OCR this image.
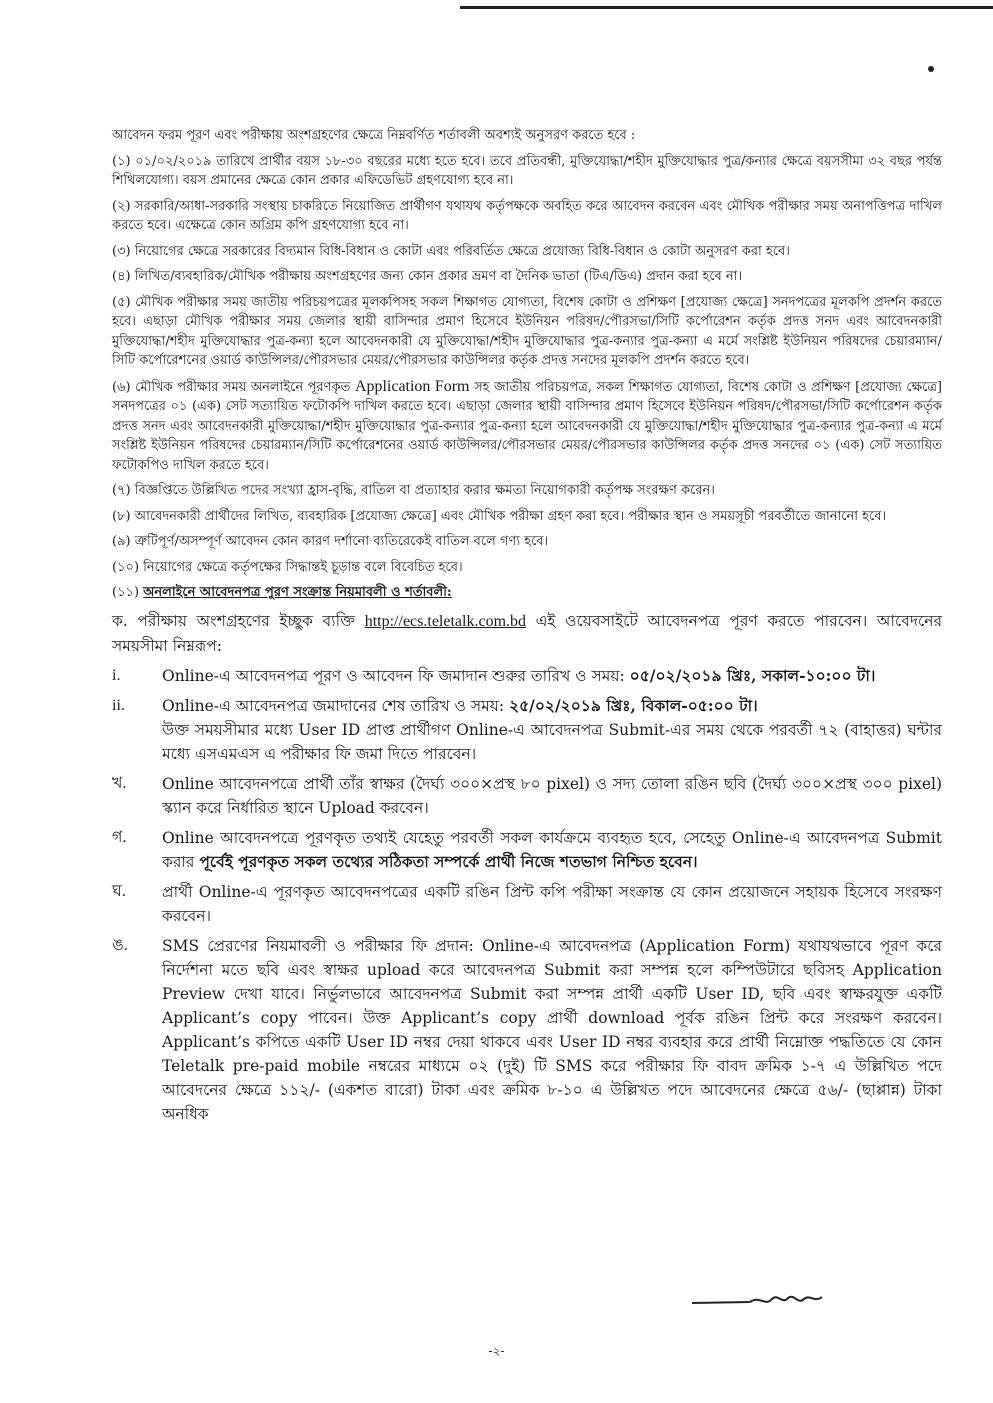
আবেদন ফরম পূরণ এবং পরীক্ষায় অংশগ্রহণের ক্ষেত্রে নিম্নবর্ণিত শর্তাবলী অবশ্যই অনুসরণ করতে হবে :

(১) ০১/০২/২০১৯ তারিখে প্রার্থীর বয়স ১৮-৩০ বছরের মধ্যে হতে হবে। তবে প্রতিবন্ধী, মুক্তিযোদ্ধা/শহীদ মুক্তিযোদ্ধার পুত্র/কন্যার ক্ষেত্রে বয়সসীমা ৩২ বছর পর্যন্ত শিথিলযোগ্য। বয়স প্রমানের ক্ষেত্রে কোন প্রকার এফিডেভিট গ্রহণযোগ্য হবে না।

(২) সরকারি/আধা-সরকারি সংস্থায় চাকরিতে নিয়োজিত প্রার্থীগণ যথাযথ কর্তৃপক্ষকে অবহিত করে আবেদন করবেন এবং মৌখিক পরীক্ষার সময় অনাপত্তিপত্র দাখিল করতে হবে। এক্ষেত্রে কোন অগ্রিম কপি গ্রহণযোগ্য হবে না।

(৩) নিয়োগের ক্ষেত্রে সরকারের বিদ্যমান বিধি-বিধান ও কোটা এবং পরিবর্তিত ক্ষেত্রে প্রযোজ্য বিধি-বিধান ও কোটা অনুসরণ করা হবে।

(৪) লিখিত/ব্যবহারিক/মৌখিক পরীক্ষায় অংশগ্রহণের জন্য কোন প্রকার ভ্রমণ বা দৈনিক ভাতা (টিএ/ডিএ) প্রদান করা হবে না।

(৫) মৌখিক পরীক্ষার সময় জাতীয় পরিচয়পত্রের মূলকপিসহ সকল শিক্ষাগত যোগ্যতা, বিশেষ কোটা ও প্রশিক্ষণ [প্রযোজ্য ক্ষেত্রে] সনদপত্রের মূলকপি প্রদর্শন করতে হবে। এছাড়া মৌখিক পরীক্ষার সময় জেলার স্থায়ী বাসিন্দার প্রমাণ হিসেবে ইউনিয়ন পরিষদ/পৌরসভা/সিটি কর্পোরেশন কর্তৃক প্রদত্ত সনদ এবং আবেদনকারী মুক্তিযোদ্ধা/শহীদ মুক্তিযোদ্ধার পুত্র-কন্যা হলে আবেদনকারী যে মুক্তিযোদ্ধা/শহীদ মুক্তিযোদ্ধার পুত্র-কন্যার পুত্র-কন্যা এ মর্মে সংশ্লিষ্ট ইউনিয়ন পরিষদের চেয়ারম্যান/সিটি কর্পোরেশনের ওয়ার্ড কাউন্সিলর/পৌরসভার মেয়র/পৌরসভার কাউন্সিলর কর্তৃক প্রদত্ত সনদের মূলকপি প্রদর্শন করতে হবে।

(৬) মৌখিক পরীক্ষার সময় অনলাইনে পূরণকৃত Application Form সহ জাতীয় পরিচয়পত্র, সকল শিক্ষাগত যোগ্যতা, বিশেষ কোটা ও প্রশিক্ষণ [প্রযোজ্য ক্ষেত্রে] সনদপত্রের ০১ (এক) সেট সত্যায়িত ফটোকপি দাখিল করতে হবে। এছাড়া জেলার স্থায়ী বাসিন্দার প্রমাণ হিসেবে ইউনিয়ন পরিষদ/পৌরসভা/সিটি কর্পোরেশন কর্তৃক প্রদত্ত সনদ এবং আবেদনকারী মুক্তিযোদ্ধা/শহীদ মুক্তিযোদ্ধার পুত্র-কন্যার পুত্র-কন্যা হলে আবেদনকারী যে মুক্তিযোদ্ধা/শহীদ মুক্তিযোদ্ধার পুত্র-কন্যার পুত্র-কন্যা এ মর্মে সংশ্লিষ্ট ইউনিয়ন পরিষদের চেয়ারম্যান/সিটি কর্পোরেশনের ওয়ার্ড কাউন্সিলর/পৌরসভার মেয়র/পৌরসভার কাউন্সিলর কর্তৃক প্রদত্ত সনদের ০১ (এক) সেট সত্যায়িত ফটোকপিও দাখিল করতে হবে।

(৭) বিজ্ঞপ্তিতে উল্লিখিত পদের সংখ্যা হ্রাস-বৃদ্ধি, বাতিল বা প্রত্যাহার করার ক্ষমতা নিয়োগকারী কর্তৃপক্ষ সংরক্ষণ করেন।

(৮) আবেদনকারী প্রার্থীদের লিখিত, ব্যবহারিক [প্রযোজ্য ক্ষেত্রে] এবং মৌখিক পরীক্ষা গ্রহণ করা হবে। পরীক্ষার স্থান ও সময়সূচী পরবর্তীতে জানানো হবে।

(৯) ত্রুটিপূর্ণ/অসম্পূর্ণ আবেদন কোন কারণ দর্শানো ব্যতিরেকেই বাতিল বলে গণ্য হবে।

(১০) নিয়োগের ক্ষেত্রে কর্তৃপক্ষের সিদ্ধান্তই চূড়ান্ত বলে বিবেচিত হবে।

(১১) অনলাইনে আবেদনপত্র পুরণ সংক্রান্ত নিয়মাবলী ও শর্তাবলী:

ক. পরীক্ষায় অংশগ্রহণের ইচ্ছুক ব্যক্তি http://ecs.teletalk.com.bd এই ওয়েবসাইটে আবেদনপত্র পূরণ করতে পারবেন। আবেদনের সময়সীমা নিম্নরূপ:

i.	Online-এ আবেদনপত্র পূরণ ও আবেদন ফি জমাদান শুরুর তারিখ ও সময়: ০৫/০২/২০১৯ খ্রিঃ, সকাল-১০:০০ টা।
ii.	Online-এ আবেদনপত্র জমাদানের শেষ তারিখ ও সময়: ২৫/০২/২০১৯ খ্রিঃ, বিকাল-০৫:০০ টা।
উক্ত সময়সীমার মধ্যে User ID প্রাপ্ত প্রার্থীগণ Online-এ আবেদনপত্র Submit-এর সময় থেকে পরবর্তী ৭২ (বাহাত্তর) ঘন্টার মধ্যে এসএমএস এ পরীক্ষার ফি জমা দিতে পারবেন।
খ.	Online আবেদনপত্রে প্রার্থী তাঁর স্বাক্ষর (দৈর্ঘ্য ৩০০×প্রস্থ ৮০ pixel) ও সদ্য তোলা রঙিন ছবি (দৈর্ঘ্য ৩০০×প্রস্থ ৩০০ pixel) স্ক্যান করে নির্ধারিত স্থানে Upload করবেন।
গ.	Online আবেদনপত্রে পূরণকৃত তথ্যই যেহেতু পরবর্তী সকল কার্যক্রমে ব্যবহৃত হবে, সেহেতু Online-এ আবেদনপত্র Submit করার পূর্বেই পূরণকৃত সকল তথ্যের সঠিকতা সম্পর্কে প্রার্থী নিজে শতভাগ নিশ্চিত হবেন।
ঘ.	প্রার্থী Online-এ পূরণকৃত আবেদনপত্রের একটি রঙিন প্রিন্ট কপি পরীক্ষা সংক্রান্ত যে কোন প্রয়োজনে সহায়ক হিসেবে সংরক্ষণ করবেন।
ঙ.	SMS প্রেরণের নিয়মাবলী ও পরীক্ষার ফি প্রদান: Online-এ আবেদনপত্র (Application Form) যথাযথভাবে পূরণ করে নির্দেশনা মতে ছবি এবং স্বাক্ষর upload করে আবেদনপত্র Submit করা সম্পন্ন হলে কম্পিউটারে ছবিসহ Application Preview দেখা যাবে। নির্ভুলভাবে আবেদনপত্র Submit করা সম্পন্ন প্রার্থী একটি User ID, ছবি এবং স্বাক্ষরযুক্ত একটি Applicant’s copy পাবেন। উক্ত Applicant’s copy প্রার্থী download পূর্বক রঙিন প্রিন্ট করে সংরক্ষণ করবেন। Applicant’s কপিতে একটি User ID নম্বর দেয়া থাকবে এবং User ID নম্বর ব্যবহার করে প্রার্থী নিম্নোক্ত পদ্ধতিতে যে কোন Teletalk pre-paid mobile নম্বরের মাধ্যমে ০২ (দুই) টি SMS করে পরীক্ষার ফি বাবদ ক্রমিক ১-৭ এ উল্লিখিত পদে আবেদনের ক্ষেত্রে ১১২/- (একশত বারো) টাকা এবং ক্রমিক ৮-১০ এ উল্লিখত পদে আবেদনের ক্ষেত্রে ৫৬/- (ছাপ্পান্ন) টাকা অনধিক
-২-
